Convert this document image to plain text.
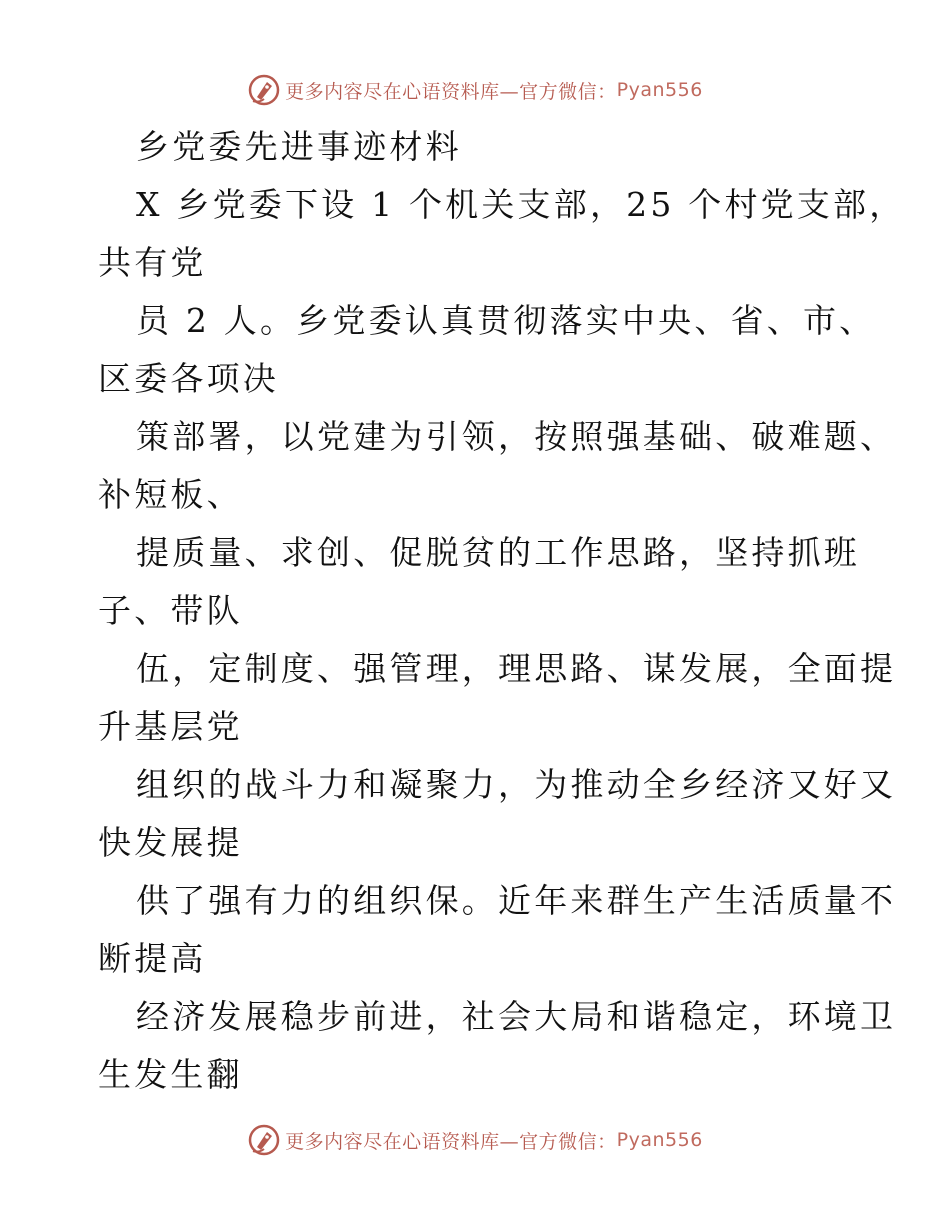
更多内容尽在心语资料库—官方微信： Pyan556
乡党委先进事迹材料
X 乡党委下设 1 个机关支部，25 个村党支部，
共有党
员 2 人。乡党委认真贯彻落实中央、省、市、
区委各项决
策部署，以党建为引领，按照强基础、破难题、
补短板、
提质量、求创、促脱贫的工作思路，坚持抓班
子、带队
伍，定制度、强管理，理思路、谋发展，全面提
升基层党
组织的战斗力和凝聚力，为推动全乡经济又好又
快发展提
供了强有力的组织保。近年来群生产生活质量不
断提高
经济发展稳步前进，社会大局和谐稳定，环境卫
生发生翻
更多内容尽在心语资料库—官方微信： Pyan556
